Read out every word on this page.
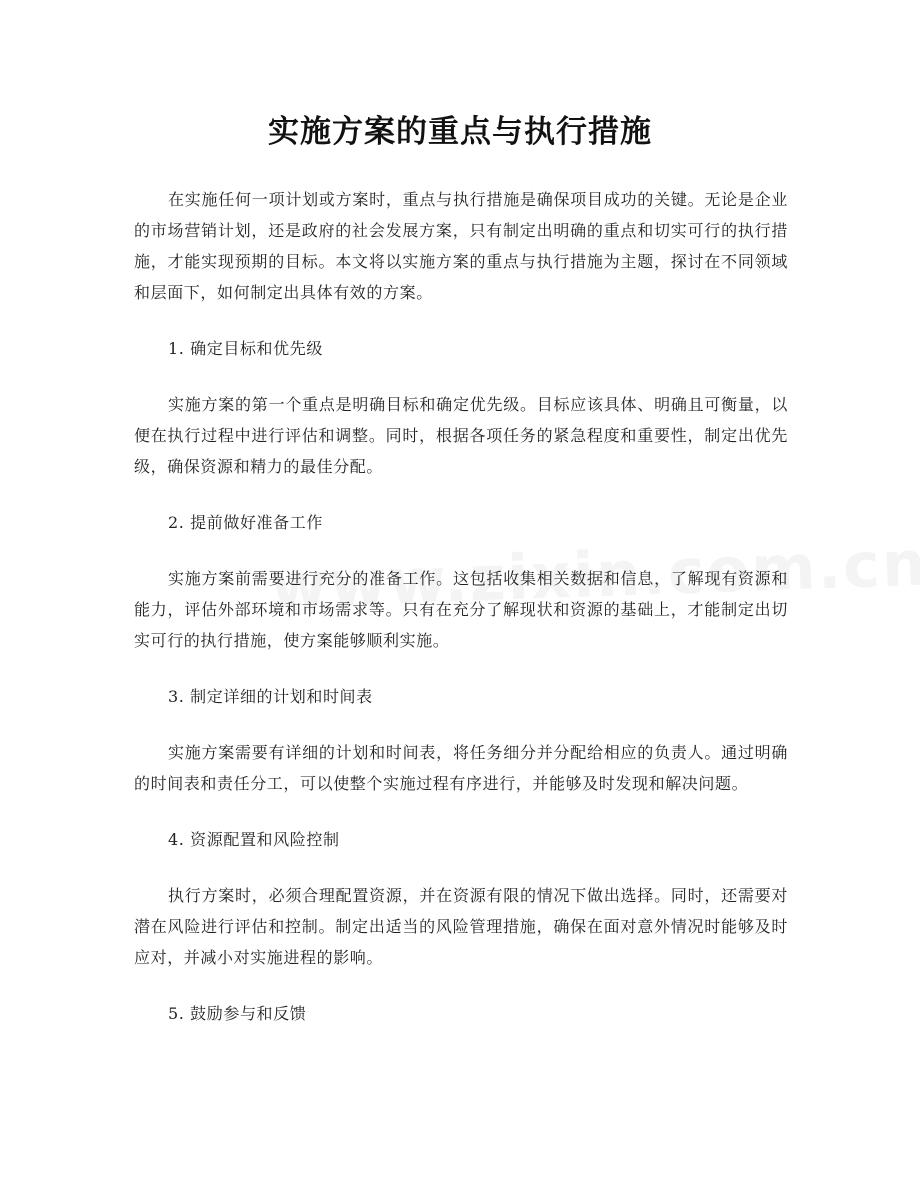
实施方案的重点与执行措施

在实施任何一项计划或方案时，重点与执行措施是确保项目成功的关键。无论是企业的市场营销计划，还是政府的社会发展方案，只有制定出明确的重点和切实可行的执行措施，才能实现预期的目标。本文将以实施方案的重点与执行措施为主题，探讨在不同领域和层面下，如何制定出具体有效的方案。

1. 确定目标和优先级

实施方案的第一个重点是明确目标和确定优先级。目标应该具体、明确且可衡量，以便在执行过程中进行评估和调整。同时，根据各项任务的紧急程度和重要性，制定出优先级，确保资源和精力的最佳分配。

2. 提前做好准备工作

实施方案前需要进行充分的准备工作。这包括收集相关数据和信息，了解现有资源和能力，评估外部环境和市场需求等。只有在充分了解现状和资源的基础上，才能制定出切实可行的执行措施，使方案能够顺利实施。

3. 制定详细的计划和时间表

实施方案需要有详细的计划和时间表，将任务细分并分配给相应的负责人。通过明确的时间表和责任分工，可以使整个实施过程有序进行，并能够及时发现和解决问题。

4. 资源配置和风险控制

执行方案时，必须合理配置资源，并在资源有限的情况下做出选择。同时，还需要对潜在风险进行评估和控制。制定出适当的风险管理措施，确保在面对意外情况时能够及时应对，并减小对实施进程的影响。

5. 鼓励参与和反馈
